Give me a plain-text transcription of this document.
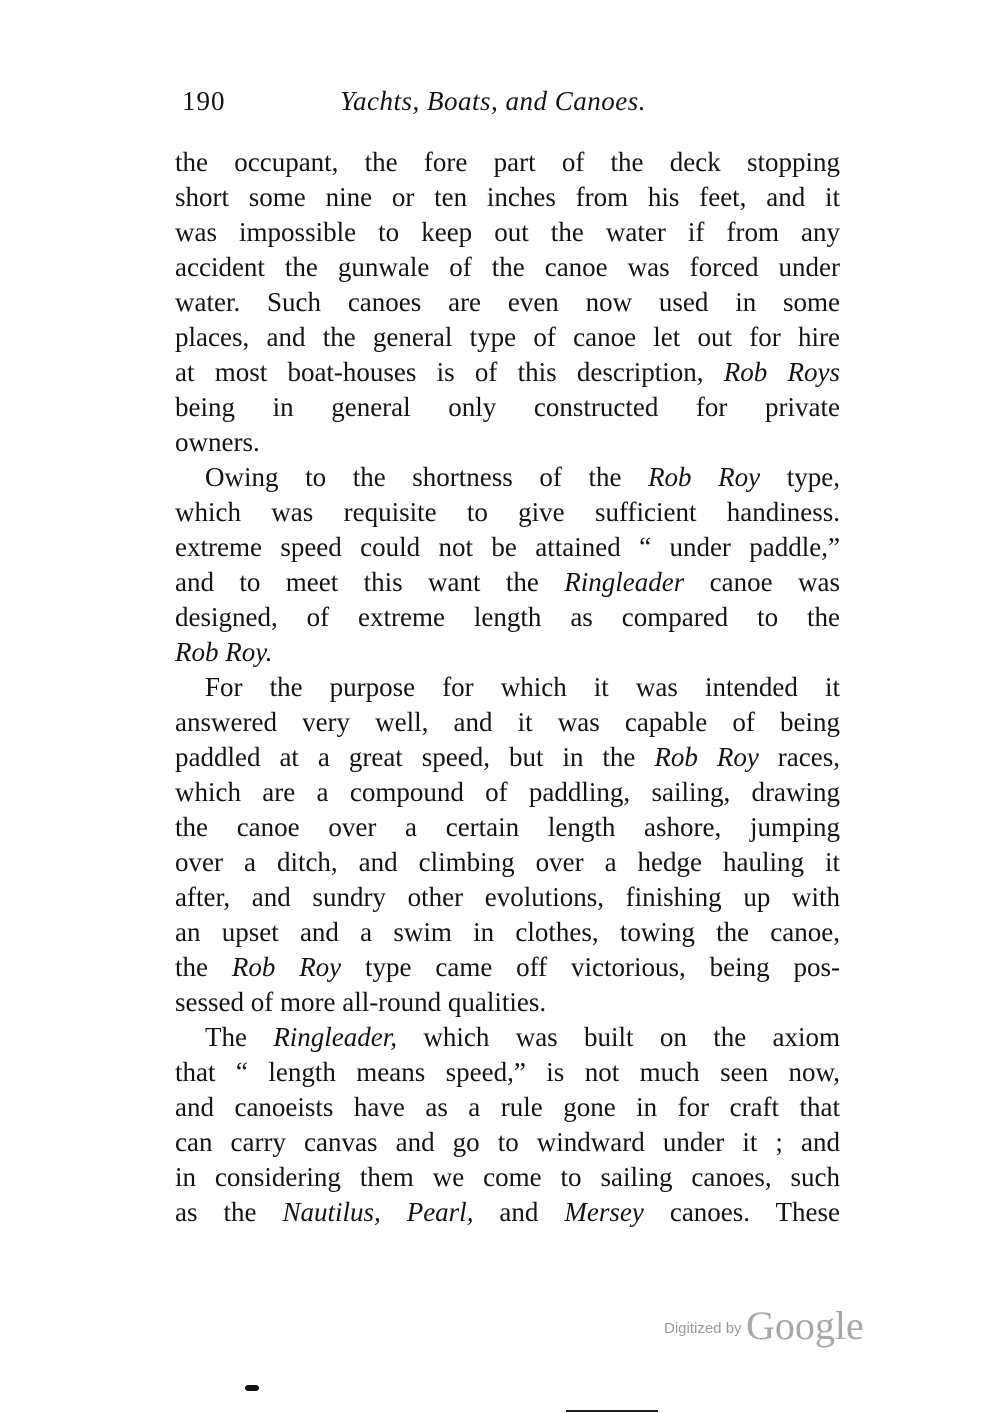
190	Yachts, Boats, and Canoes.
the occupant, the fore part of the deck stopping
short some nine or ten inches from his feet, and it
was impossible to keep out the water if from any
accident the gunwale of the canoe was forced under
water. Such canoes are even now used in some
places, and the general type of canoe let out for hire
at most boat-houses is of this description, Rob Roys
being in general only constructed for private
owners.
Owing to the shortness of the Rob Roy type,
which was requisite to give sufficient handiness.
extreme speed could not be attained “ under paddle,”
and to meet this want the Ringleader canoe was
designed, of extreme length as compared to the
Rob Roy.
For the purpose for which it was intended it
answered very well, and it was capable of being
paddled at a great speed, but in the Rob Roy races,
which are a compound of paddling, sailing, drawing
the canoe over a certain length ashore, jumping
over a ditch, and climbing over a hedge hauling it
after, and sundry other evolutions, finishing up with
an upset and a swim in clothes, towing the canoe,
the Rob Roy type came off victorious, being pos-
sessed of more all-round qualities.
The Ringleader, which was built on the axiom
that “ length means speed,” is not much seen now,
and canoeists have as a rule gone in for craft that
can carry canvas and go to windward under it ; and
in considering them we come to sailing canoes, such
as the Nautilus, Pearl, and Mersey canoes. These
Digitized by Google
